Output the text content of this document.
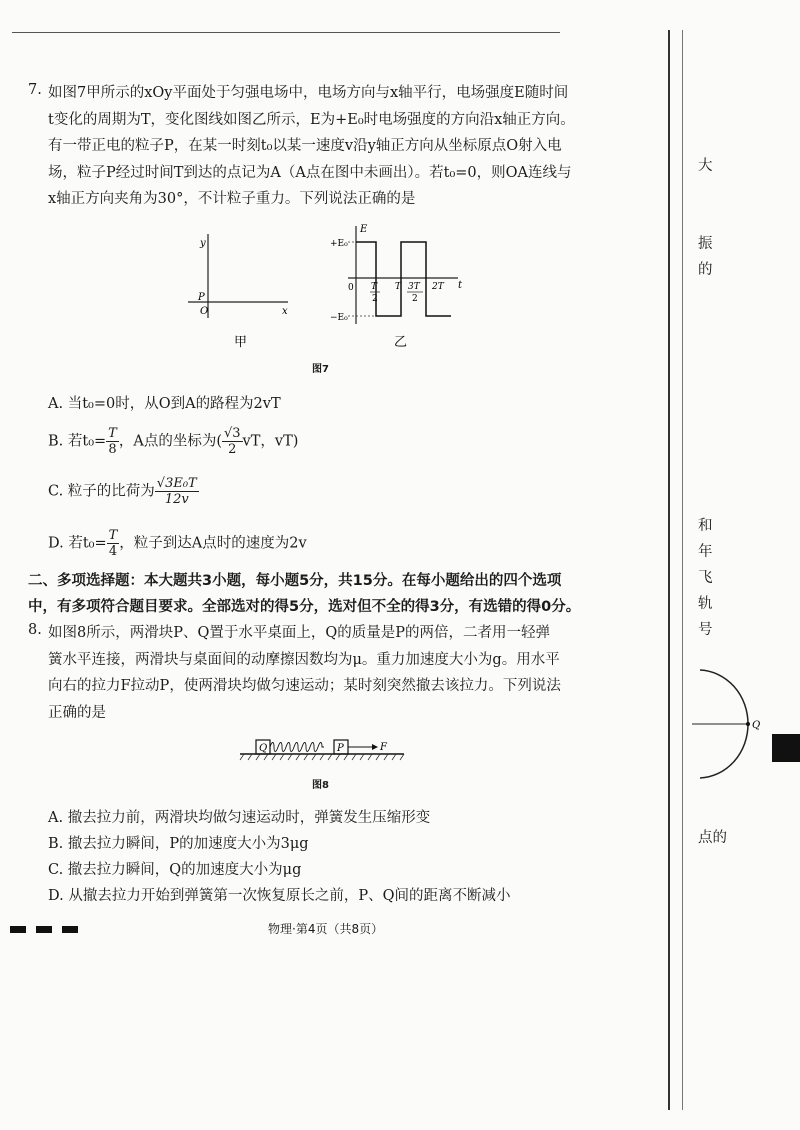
7. 如图7甲所示的xOy平面处于匀强电场中，电场方向与x轴平行，电场强度E随时间
t变化的周期为T，变化图线如图乙所示，E为+E₀时电场强度的方向沿x轴正方向。
有一带正电的粒子P，在某一时刻t₀以某一速度v沿y轴正方向从坐标原点O射入电
场，粒子P经过时间T到达的点记为A（A点在图中未画出）。若t₀=0，则OA连线与
x轴正方向夹角为30°，不计粒子重力。下列说法正确的是
y
x
O
P
甲
E
+E₀
−E₀
0	t
T
2
T 3T
2
2T
乙
图7
A. 当t₀=0时，从O到A的路程为2vT
B. 若$t_0= \frac{T}{8}$ ，A点的坐标为( $\frac{√3}{2}$ vT，vT)
C. 粒子的比荷为 $\frac{\text{√3E₀T}}{12v}$
D. 若$t_0= \frac{T}{4}$ ，粒子到达A点时的速度为2v
二、多项选择题：本大题共3小题，每小题5分，共15分。在每小题给出的四个选项
中，有多项符合题目要求。全部选对的得5分，选对但不全的得3分，有选错的得0分。
8. 如图8所示，两滑块P、Q置于水平桌面上，Q的质量是P的两倍，二者用一轻弹
簧水平连接，两滑块与桌面间的动摩擦因数均为μ。重力加速度大小为g。用水平
向右的拉力F拉动P，使两滑块均做匀速运动；某时刻突然撤去该拉力。下列说法
正确的是
Q	P	F
图8
A. 撤去拉力前，两滑块均做匀速运动时，弹簧发生压缩形变
B. 撤去拉力瞬间，P的加速度大小为3μg
C. 撤去拉力瞬间，Q的加速度大小为μg
D. 从撤去拉力开始到弹簧第一次恢复原长之前，P、Q间的距离不断减小
物理·第4页（共8页）
大
振
的
和
年
飞
轨
号
点的
Q
